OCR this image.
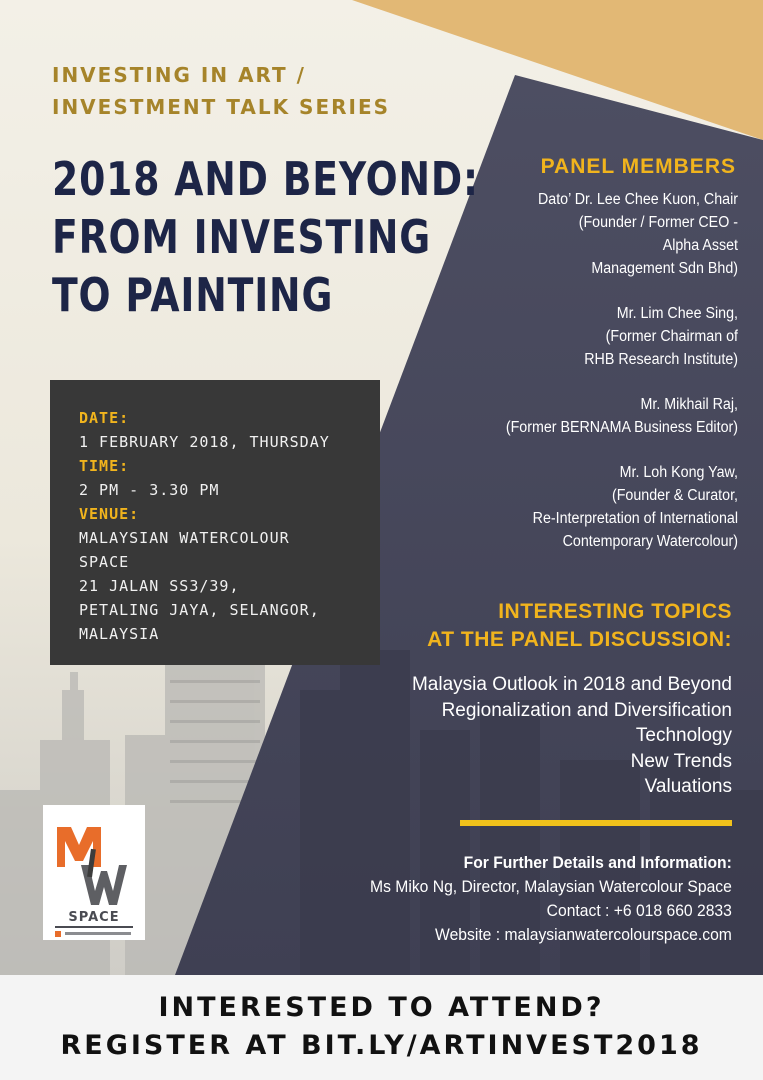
INVESTING IN ART /
INVESTMENT TALK SERIES
2018 AND BEYOND:
FROM INVESTING
TO PAINTING
DATE:
1 FEBRUARY 2018, THURSDAY
TIME:
2 PM - 3.30 PM
VENUE:
MALAYSIAN WATERCOLOUR
SPACE
21 JALAN SS3/39,
PETALING JAYA, SELANGOR,
MALAYSIA
PANEL MEMBERS
Dato’ Dr. Lee Chee Kuon, Chair
(Founder / Former CEO -
Alpha Asset
Management Sdn Bhd)
Mr. Lim Chee Sing,
(Former Chairman of
RHB Research Institute)
Mr. Mikhail Raj,
(Former BERNAMA Business Editor)
Mr. Loh Kong Yaw,
(Founder & Curator,
Re-Interpretation of International
Contemporary Watercolour)
INTERESTING TOPICS
AT THE PANEL DISCUSSION:
Malaysia Outlook in 2018 and Beyond
Regionalization and Diversification
Technology
New Trends
Valuations
For Further Details and Information:
Ms Miko Ng, Director, Malaysian Watercolour Space
Contact : +6 018 660 2833
Website : malaysianwatercolourspace.com
SPACE
INTERESTED TO ATTEND?
REGISTER AT BIT.LY/ARTINVEST2018
